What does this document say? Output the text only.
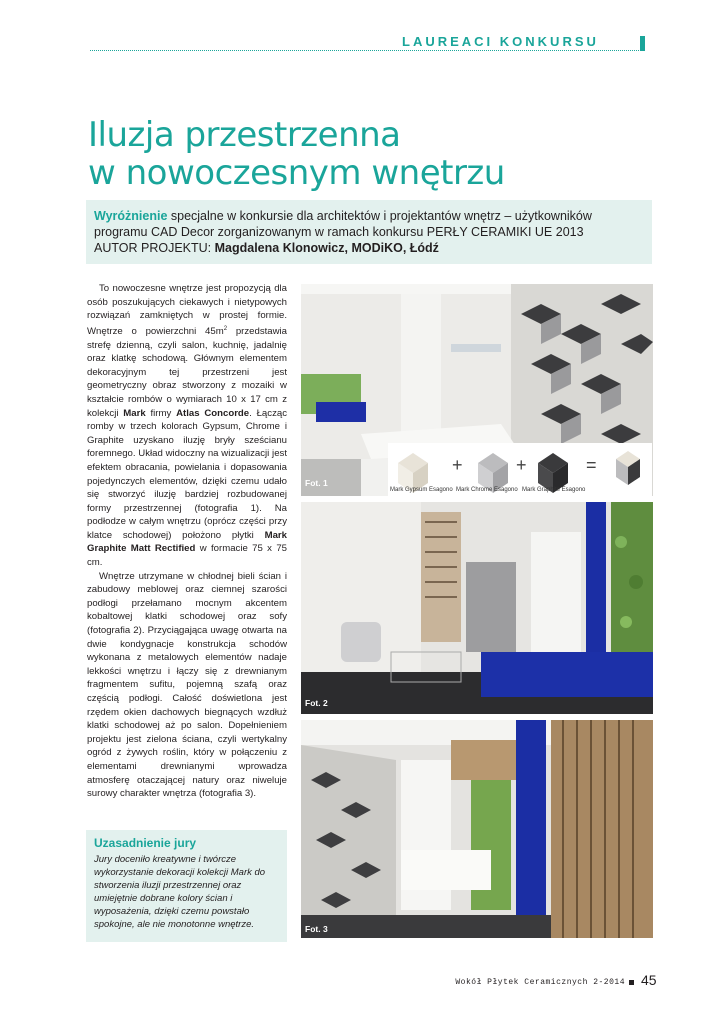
LAUREACI KONKURSU
Iluzja przestrzenna
w nowoczesnym wnętrzu
Wyróżnienie specjalne w konkursie dla architektów i projektantów wnętrz – użytkowników programu CAD Decor zorganizowanym w ramach konkursu PERŁY CERAMIKI UE 2013
AUTOR PROJEKTU: Magdalena Klonowicz, MODiKO, Łódź

To nowoczesne wnętrze jest propozycją dla osób poszukujących ciekawych i nietypowych rozwiązań zamkniętych w prostej formie. Wnętrze o powierzchni $45m^2$ przedstawia strefę dzienną, czyli salon, kuchnię, jadalnię oraz klatkę schodową. Głównym elementem dekoracyjnym tej przestrzeni jest geometryczny obraz stworzony z mozaiki w kształcie rombów o wymiarach 10 x 17 cm z kolekcji Mark firmy Atlas Concorde. Łącząc romby w trzech kolorach Gypsum, Chrome i Graphite uzyskano iluzję bryły sześcianu foremnego. Układ widoczny na wizualizacji jest efektem obracania, powielania i dopasowania pojedynczych elementów, dzięki czemu udało się stworzyć iluzję bardziej rozbudowanej formy przestrzennej (fotografia 1). Na podłodze w całym wnętrzu (oprócz części przy klatce schodowej) położono płytki Mark Graphite Matt Rectified w formacie 75 x 75 cm.

Wnętrze utrzymane w chłodnej bieli ścian i zabudowy meblowej oraz ciemnej szarości podłogi przełamano mocnym akcentem kobaltowej klatki schodowej oraz sofy (fotografia 2). Przyciągająca uwagę otwarta na dwie kondygnacje konstrukcja schodów wykonana z metalowych elementów nadaje lekkości wnętrzu i łączy się z drewnianym fragmentem sufitu, pojemną szafą oraz częścią podłogi. Całość doświetlona jest rzędem okien dachowych biegnących wzdłuż klatki schodowej aż po salon. Dopełnieniem projektu jest zielona ściana, czyli wertykalny ogród z żywych roślin, który w połączeniu z elementami drewnianymi wprowadza atmosferę otaczającej natury oraz niweluje surowy charakter wnętrza (fotografia 3).

Uzasadnienie jury

Jury doceniło kreatywne i twórcze wykorzystanie dekoracji kolekcji Mark do stworzenia iluzji przestrzennej oraz umiejętnie dobrane kolory ścian i wyposażenia, dzięki czemu powstało spokojne, ale nie monotonne wnętrze.

Fot. 1
+	+	=
Mark Gypsum Esagono Mark Chrome Esagono Mark Graphite Esagono
Fot. 2
Fot. 3
Wokół Płytek Ceramicznych 2-2014 45
